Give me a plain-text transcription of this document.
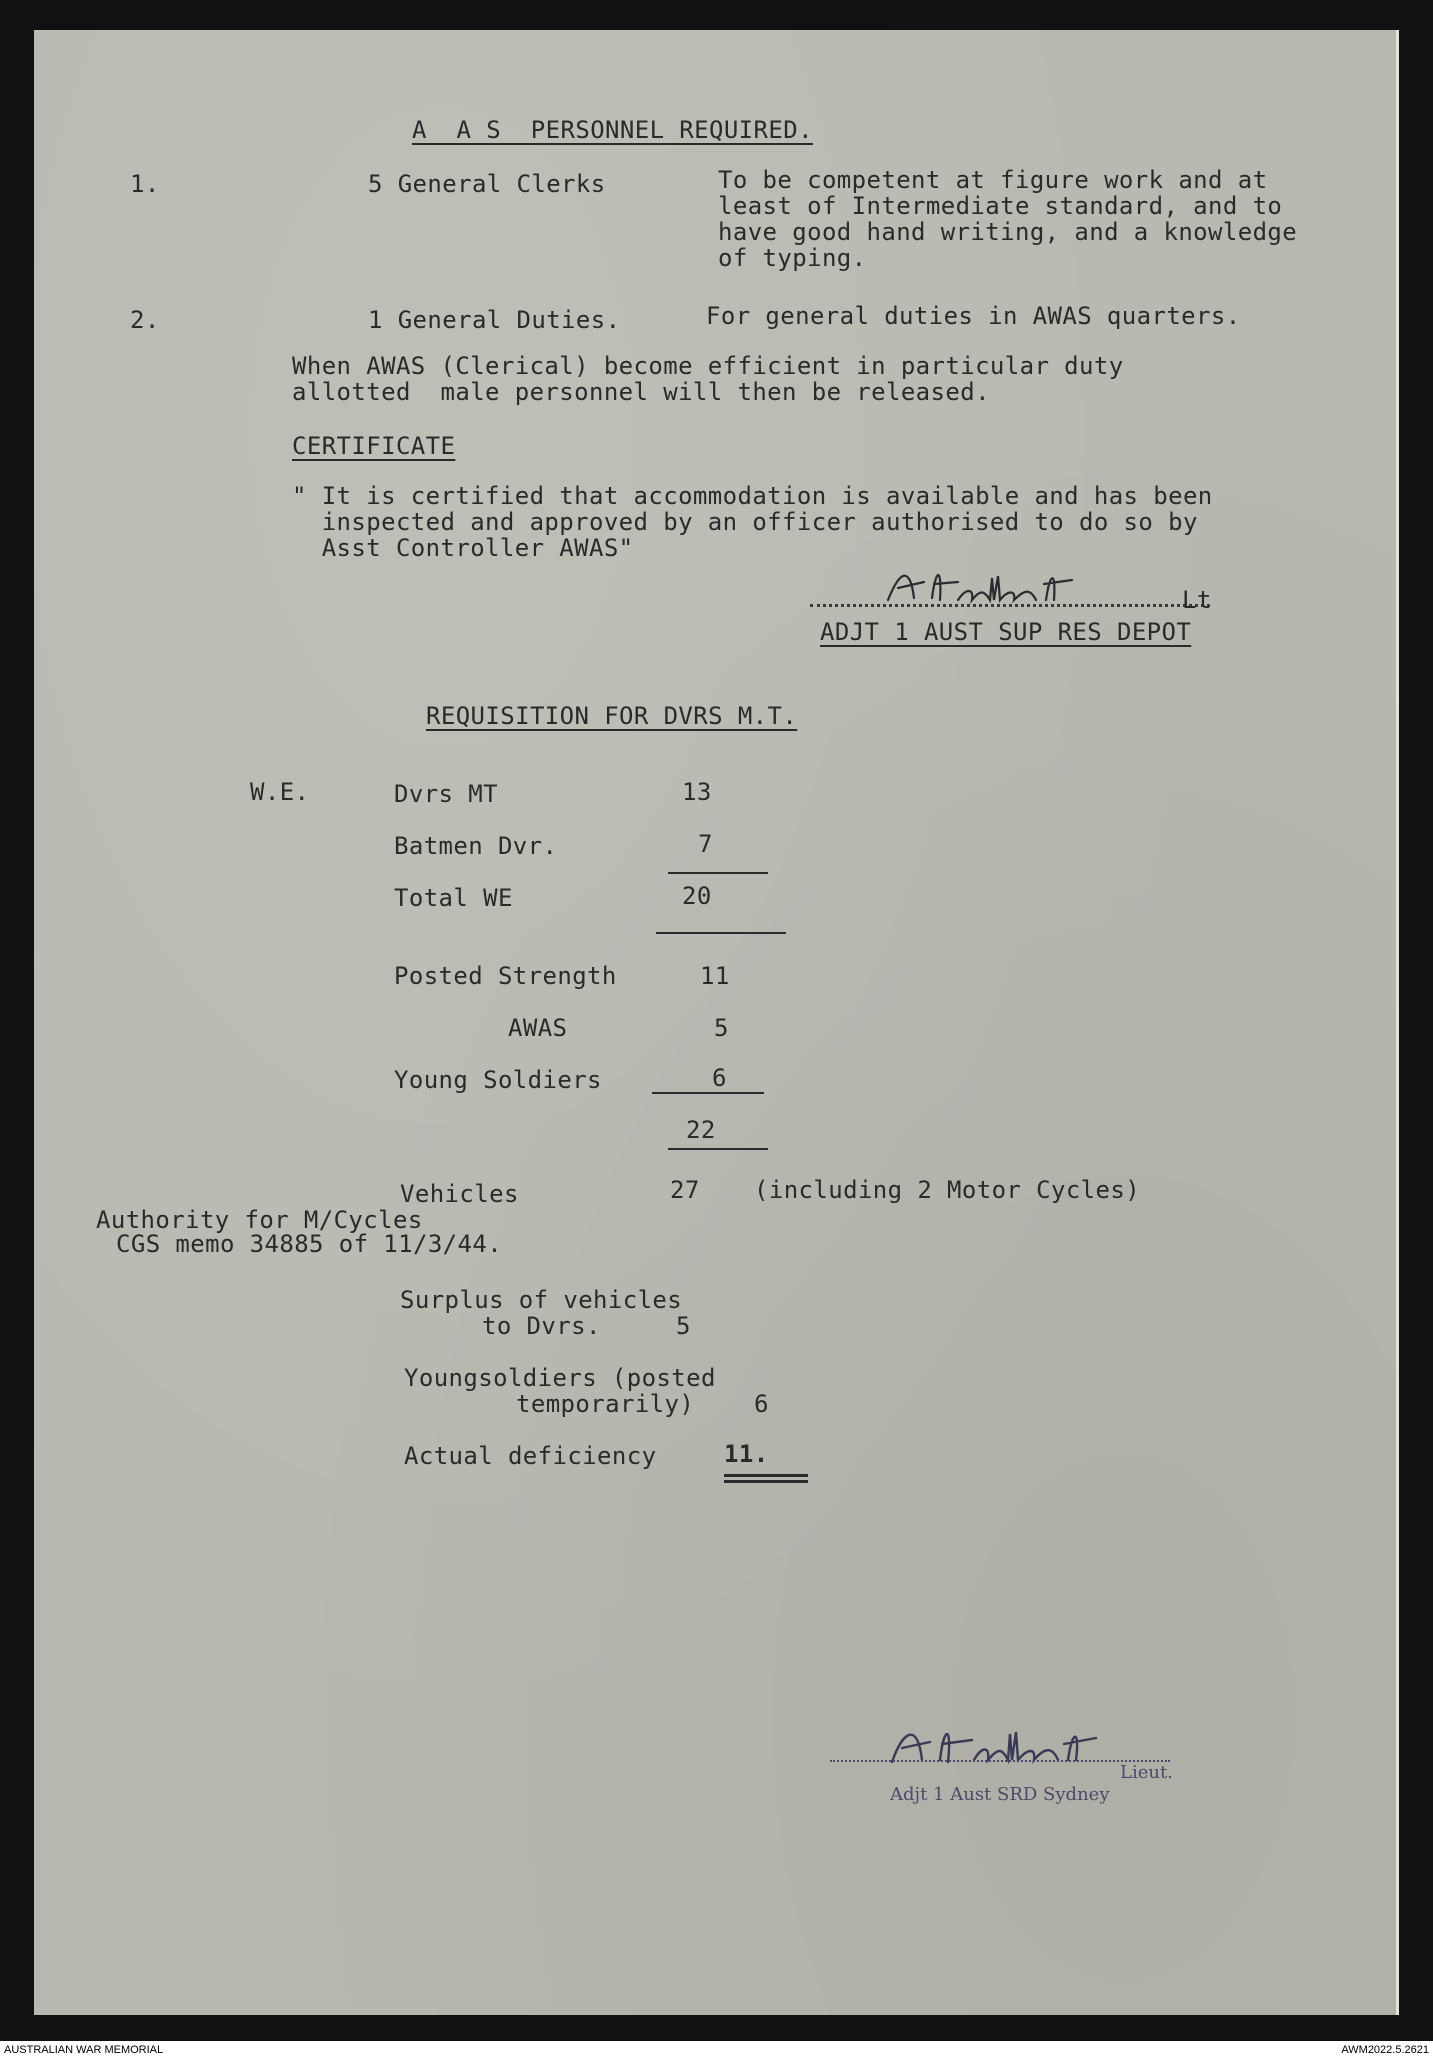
A  A S  PERSONNEL REQUIRED.
1.	5 General Clerks	To be competent at figure work and at
least of Intermediate standard, and to
have good hand writing, and a knowledge
of typing.
2.	1 General Duties.	For general duties in AWAS quarters.
When AWAS (Clerical) become efficient in particular duty
allotted  male personnel will then be released.
CERTIFICATE
" It is certified that accommodation is available and has been
inspected and approved by an officer authorised to do so by
Asst Controller AWAS"
Lt
ADJT 1 AUST SUP RES DEPOT
REQUISITION FOR DVRS M.T.
W.E.	Dvrs MT	13
Batmen Dvr.	7
Total WE	20
Posted Strength	11
AWAS	5
Young Soldiers	6
22
Vehicles	27 (including 2 Motor Cycles)
Authority for M/Cycles
CGS memo 34885 of 11/3/44.
Surplus of vehicles
to Dvrs.	5
Youngsoldiers (posted
temporarily) 6
Actual deficiency	11.
Lieut.
Adjt 1 Aust SRD Sydney
AUSTRALIAN WAR MEMORIAL	AWM2022.5.2621
